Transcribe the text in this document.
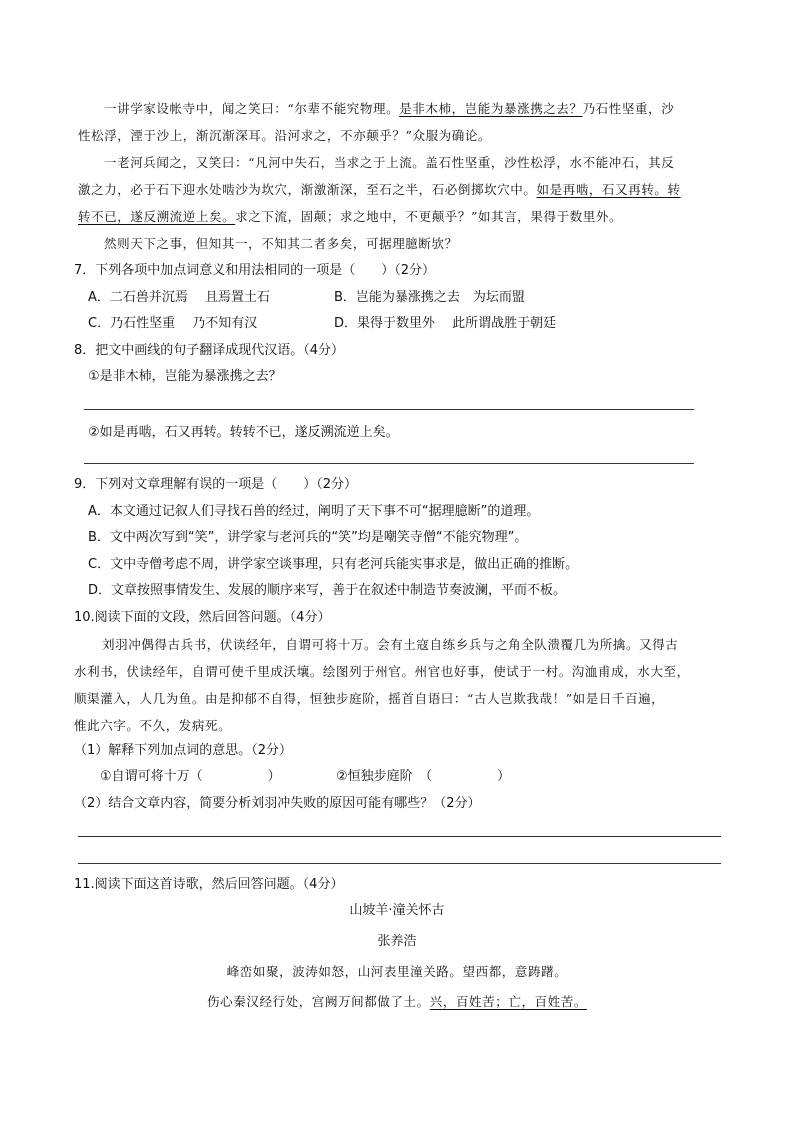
一讲学家设帐寺中，闻之笑曰：“尔辈不能究物理。是非木柿，岂能为暴涨携之去？乃石性坚重，沙
性松浮，湮于沙上，渐沉渐深耳。沿河求之，不亦颠乎？”众服为确论。
一老河兵闻之，又笑曰：“凡河中失石，当求之于上流。盖石性坚重，沙性松浮，水不能冲石，其反
激之力，必于石下迎水处啮沙为坎穴，渐激渐深，至石之半，石必倒掷坎穴中。如是再啮，石又再转。转
转不已，遂反溯流逆上矣。求之下流，固颠；求之地中，不更颠乎？”如其言，果得于数里外。
然则天下之事，但知其一，不知其二者多矣，可据理臆断欤？
7．下列各项中加点词意义和用法相同的一项是（　　）（2分）
A．二石兽并沉焉　 且焉置土石	B．岂能为暴涨携之去　为坛而盟
C．乃石性坚重　 乃不知有汉	D．果得于数里外　 此所谓战胜于朝廷
8．把文中画线的句子翻译成现代汉语。（4分）
①是非木杮，岂能为暴涨携之去？
②如是再啮，石又再转。转转不已，遂反溯流逆上矣。
9．下列对文章理解有误的一项是（　　）（2分）
A．本文通过记叙人们寻找石兽的经过，阐明了天下事不可“据理臆断”的道理。
B．文中两次写到“笑”，讲学家与老河兵的“笑”均是嘲笑寺僧“不能究物理”。
C．文中寺僧考虑不周，讲学家空谈事理，只有老河兵能实事求是，做出正确的推断。
D．文章按照事情发生、发展的顺序来写，善于在叙述中制造节奏波澜，平而不板。
10.阅读下面的文段，然后回答问题。（4分）
刘羽冲偶得古兵书，伏读经年，自谓可将十万。会有土寇自练乡兵与之角全队溃覆几为所擒。又得古
水利书，伏读经年，自谓可使千里成沃壤。绘图列于州官。州官也好事，使试于一村。沟洫甫成，水大至，
顺渠灌入，人几为鱼。由是抑郁不自得，恒独步庭阶，摇首自语曰：“古人岂欺我哉！”如是日千百遍，
惟此六字。不久，发病死。
（1）解释下列加点词的意思。（2分）
①自谓可将十万（　　　　　）	②恒独步庭阶　（　　　　　）
（2）结合文章内容，简要分析刘羽冲失败的原因可能有哪些？（2分）
11.阅读下面这首诗歌，然后回答问题。（4分）
山坡羊·潼关怀古
张养浩
峰峦如聚，波涛如怒，山河表里潼关路。望西都，意踌躇。
伤心秦汉经行处，宫阙万间都做了土。兴，百姓苦；亡，百姓苦。
